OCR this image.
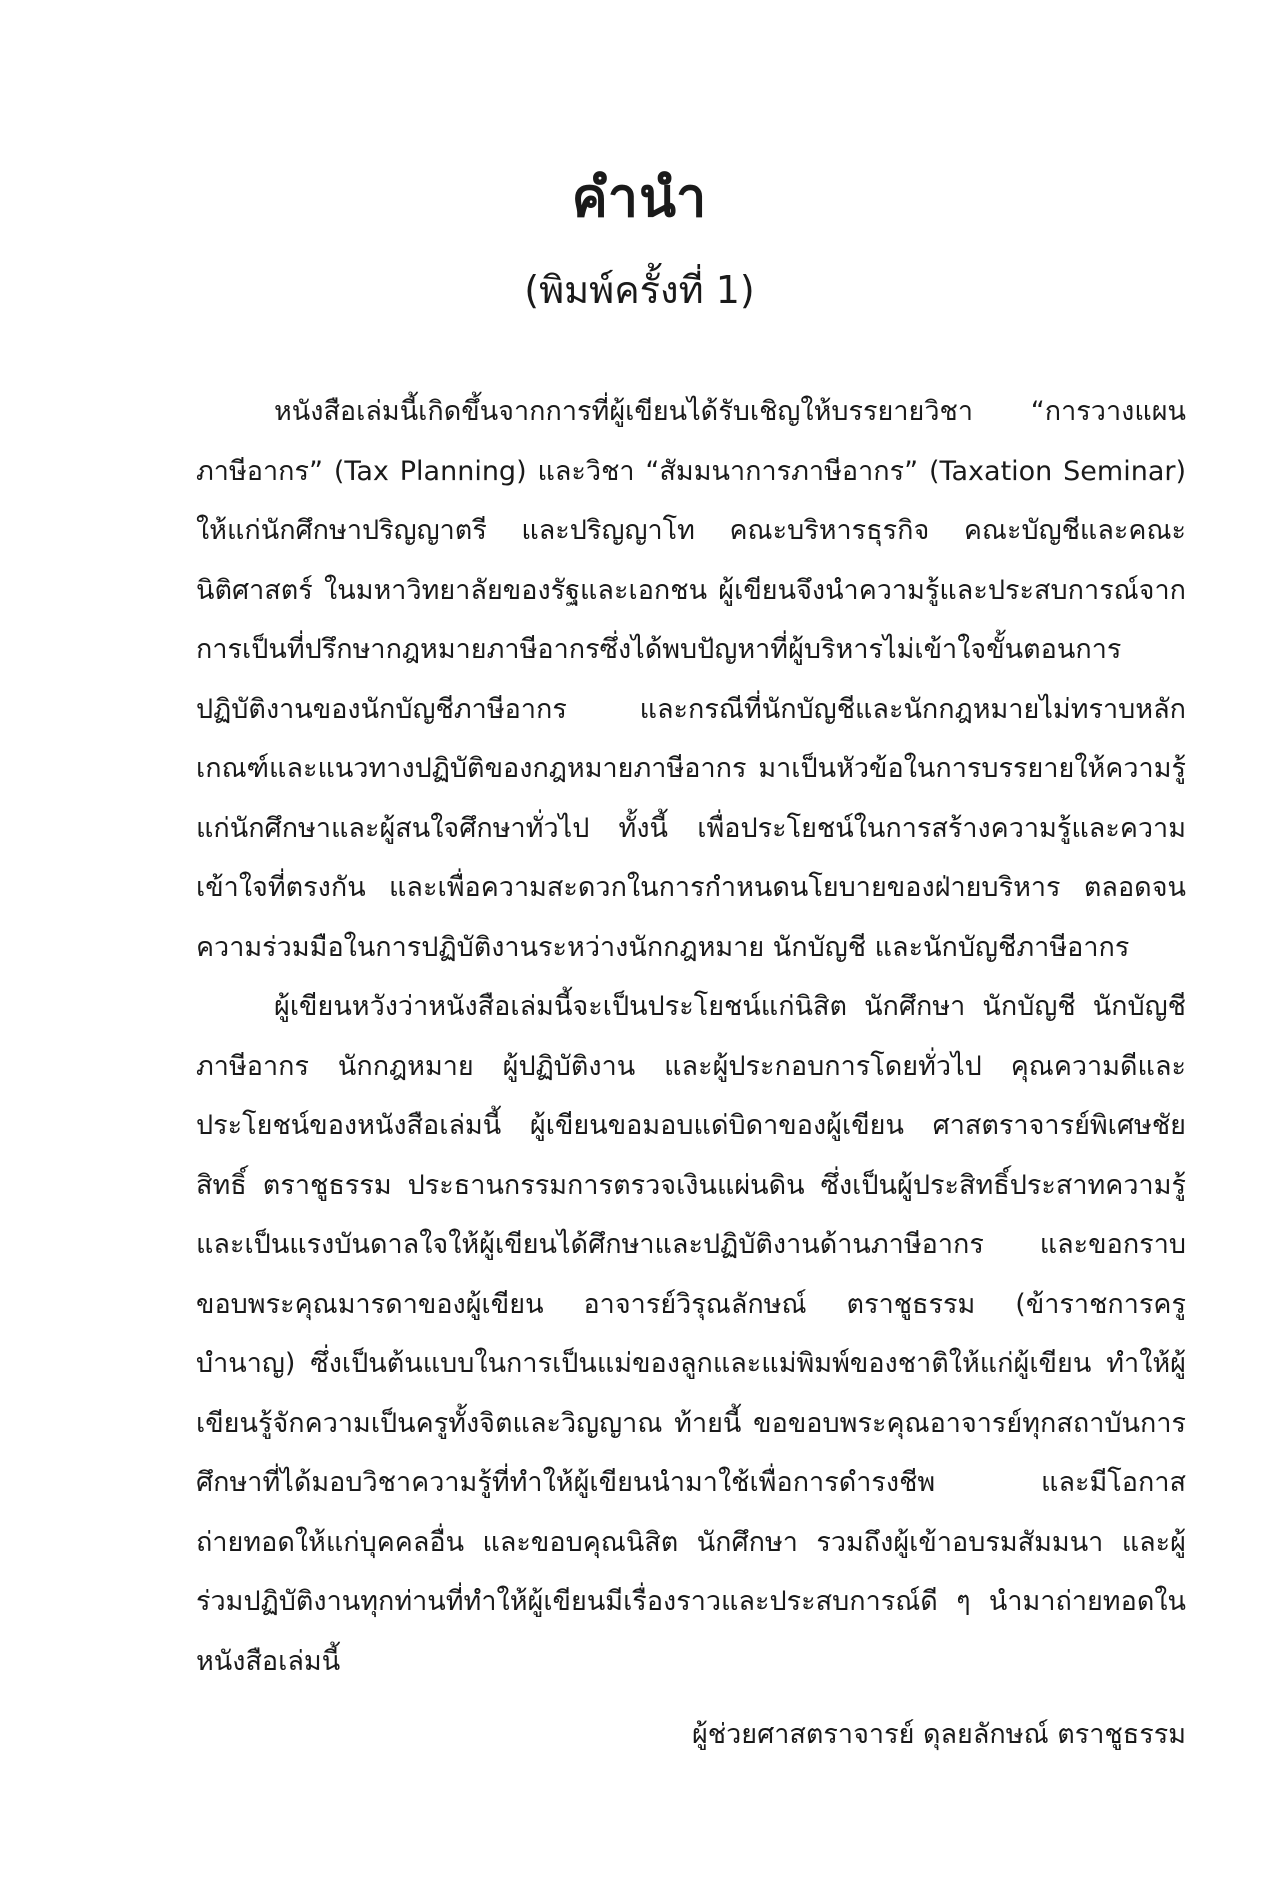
คำนำ
(พิมพ์ครั้งที่ 1)

หนังสือเล่มนี้เกิดขึ้นจากการที่ผู้เขียนได้รับเชิญให้บรรยายวิชา “การวางแผนภาษีอากร” (Tax Planning) และวิชา “สัมมนาการภาษีอากร” (Taxation Seminar) ให้แก่นักศึกษาปริญญาตรี และปริญญาโท คณะบริหารธุรกิจ คณะบัญชีและคณะนิติศาสตร์ ในมหาวิทยาลัยของรัฐและเอกชน ผู้เขียนจึงนำความรู้และประสบการณ์จากการเป็นที่ปรึกษากฎหมายภาษีอากรซึ่งได้พบปัญหาที่ผู้บริหารไม่เข้าใจขั้นตอนการปฏิบัติงานของนักบัญชีภาษีอากร และกรณีที่นักบัญชีและนักกฎหมายไม่ทราบหลักเกณฑ์และแนวทางปฏิบัติของกฎหมายภาษีอากร มาเป็นหัวข้อในการบรรยายให้ความรู้แก่นักศึกษาและผู้สนใจศึกษาทั่วไป ทั้งนี้ เพื่อประโยชน์ในการสร้างความรู้และความเข้าใจที่ตรงกัน และเพื่อความสะดวกในการกำหนดนโยบายของฝ่ายบริหาร ตลอดจนความร่วมมือในการปฏิบัติงานระหว่างนักกฎหมาย นักบัญชี และนักบัญชีภาษีอากร

ผู้เขียนหวังว่าหนังสือเล่มนี้จะเป็นประโยชน์แก่นิสิต นักศึกษา นักบัญชี นักบัญชีภาษีอากร นักกฎหมาย ผู้ปฏิบัติงาน และผู้ประกอบการโดยทั่วไป คุณความดีและประโยชน์ของหนังสือเล่มนี้ ผู้เขียนขอมอบแด่บิดาของผู้เขียน ศาสตราจารย์พิเศษชัยสิทธิ์ ตราชูธรรม ประธานกรรมการตรวจเงินแผ่นดิน ซึ่งเป็นผู้ประสิทธิ์ประสาทความรู้และเป็นแรงบันดาลใจให้ผู้เขียนได้ศึกษาและปฏิบัติงานด้านภาษีอากร และขอกราบขอบพระคุณมารดาของผู้เขียน อาจารย์วิรุณลักษณ์ ตราชูธรรม (ข้าราชการครูบำนาญ) ซึ่งเป็นต้นแบบในการเป็นแม่ของลูกและแม่พิมพ์ของชาติให้แก่ผู้เขียน ทำให้ผู้เขียนรู้จักความเป็นครูทั้งจิตและวิญญาณ ท้ายนี้ ขอขอบพระคุณอาจารย์ทุกสถาบันการศึกษาที่ได้มอบวิชาความรู้ที่ทำให้ผู้เขียนนำมาใช้เพื่อการดำรงชีพ และมีโอกาสถ่ายทอดให้แก่บุคคลอื่น และขอบคุณนิสิต นักศึกษา รวมถึงผู้เข้าอบรมสัมมนา และผู้ร่วมปฏิบัติงานทุกท่านที่ทำให้ผู้เขียนมีเรื่องราวและประสบการณ์ดี ๆ นำมาถ่ายทอดในหนังสือเล่มนี้

ผู้ช่วยศาสตราจารย์ ดุลยลักษณ์ ตราชูธรรม
